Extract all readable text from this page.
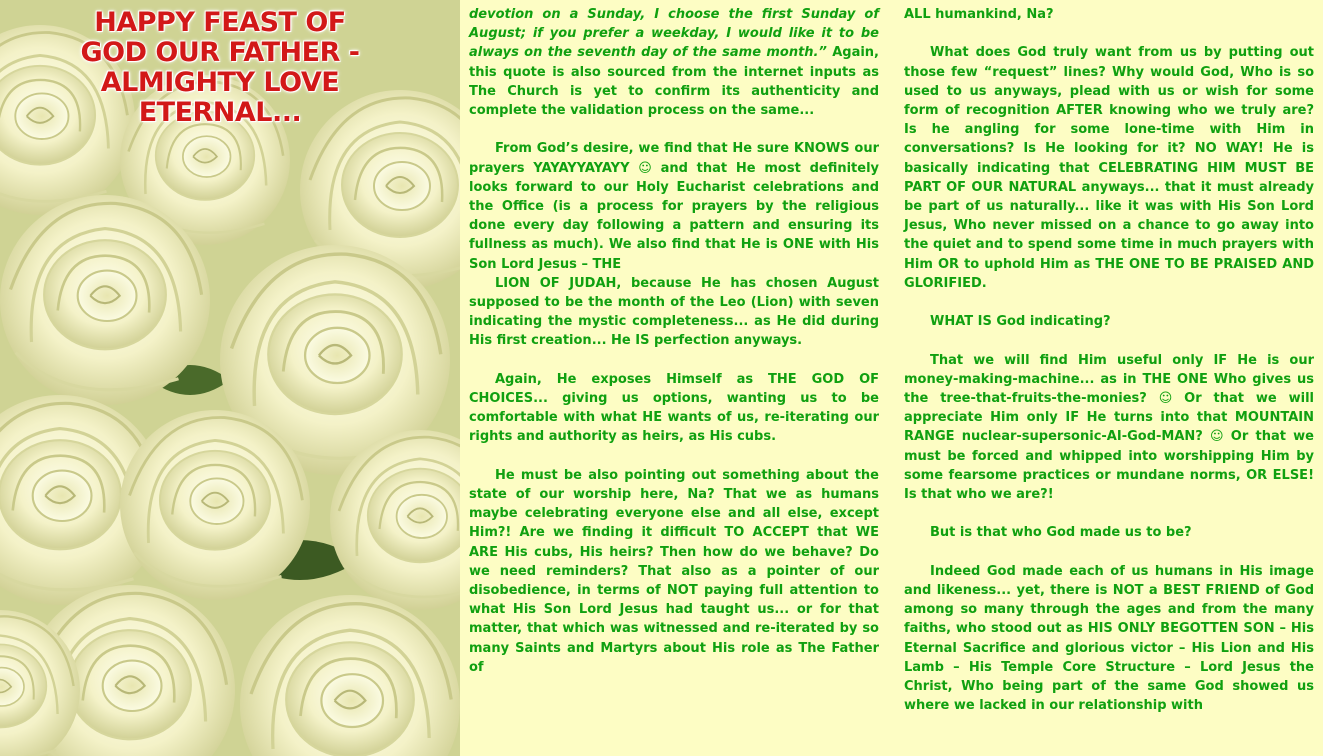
HAPPY FEAST OF
GOD OUR FATHER -
ALMIGHTY LOVE
ETERNAL...

devotion on a Sunday, I choose the first Sunday of August; if you prefer a weekday, I would like it to be always on the seventh day of the same month.” Again, this quote is also sourced from the internet inputs as The Church is yet to confirm its authenticity and complete the validation process on the same...

From God’s desire, we find that He sure KNOWS our prayers YAYAYYAYAYY ☺ and that He most definitely looks forward to our Holy Eucharist celebrations and the Office (is a process for prayers by the religious done every day following a pattern and ensuring its fullness as much). We also find that He is ONE with His Son Lord Jesus – THE

LION OF JUDAH, because He has chosen August supposed to be the month of the Leo (Lion) with seven indicating the mystic completeness... as He did during His first creation... He IS perfection anyways.

Again, He exposes Himself as THE GOD OF CHOICES... giving us options, wanting us to be comfortable with what HE wants of us, re-iterating our rights and authority as heirs, as His cubs.

He must be also pointing out something about the state of our worship here, Na? That we as humans maybe celebrating everyone else and all else, except Him?! Are we finding it difficult TO ACCEPT that WE ARE His cubs, His heirs? Then how do we behave? Do we need reminders? That also as a pointer of our disobedience, in terms of NOT paying full attention to what His Son Lord Jesus had taught us... or for that matter, that which was witnessed and re-iterated by so many Saints and Martyrs about His role as The Father of

ALL humankind, Na?

What does God truly want from us by putting out those few “request” lines? Why would God, Who is so used to us anyways, plead with us or wish for some form of recognition AFTER knowing who we truly are? Is he angling for some lone-time with Him in conversations? Is He looking for it? NO WAY! He is basically indicating that CELEBRATING HIM MUST BE PART OF OUR NATURAL anyways... that it must already be part of us naturally... like it was with His Son Lord Jesus, Who never missed on a chance to go away into the quiet and to spend some time in much prayers with Him OR to uphold Him as THE ONE TO BE PRAISED AND GLORIFIED.

WHAT IS God indicating?

That we will find Him useful only IF He is our money-making-machine... as in THE ONE Who gives us the tree-that-fruits-the-monies? ☺ Or that we will appreciate Him only IF He turns into that MOUNTAIN RANGE nuclear-supersonic-AI-God-MAN? ☺ Or that we must be forced and whipped into worshipping Him by some fearsome practices or mundane norms, OR ELSE! Is that who we are?!

But is that who God made us to be?

Indeed God made each of us humans in His image and likeness... yet, there is NOT a BEST FRIEND of God among so many through the ages and from the many faiths, who stood out as HIS ONLY BEGOTTEN SON – His Eternal Sacrifice and glorious victor – His Lion and His Lamb – His Temple Core Structure – Lord Jesus the Christ, Who being part of the same God showed us where we lacked in our relationship with
